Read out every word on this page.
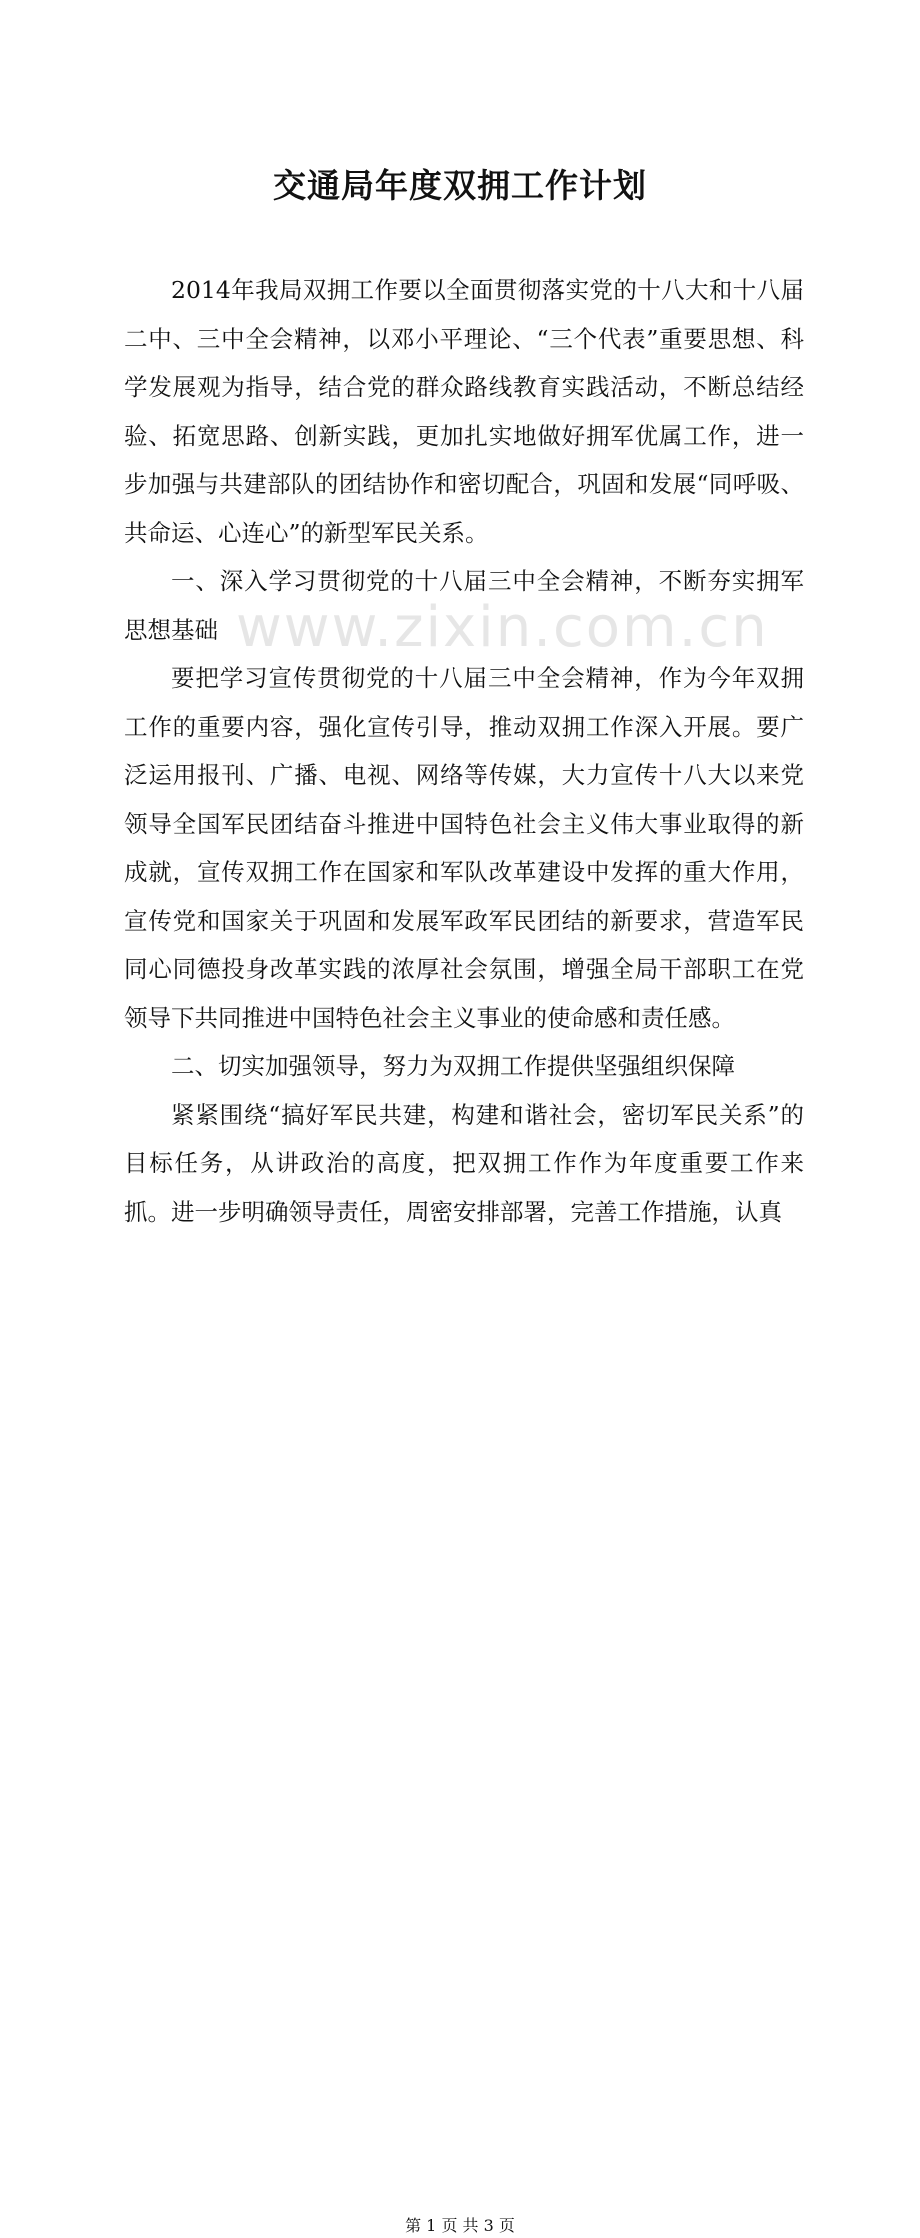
www.zixin.com.cn
交通局年度双拥工作计划

2014年我局双拥工作要以全面贯彻落实党的十八大和十八届二中、三中全会精神，以邓小平理论、“三个代表”重要思想、科学发展观为指导，结合党的群众路线教育实践活动，不断总结经验、拓宽思路、创新实践，更加扎实地做好拥军优属工作，进一步加强与共建部队的团结协作和密切配合，巩固和发展“同呼吸、共命运、心连心”的新型军民关系。

一、深入学习贯彻党的十八届三中全会精神，不断夯实拥军思想基础

要把学习宣传贯彻党的十八届三中全会精神，作为今年双拥工作的重要内容，强化宣传引导，推动双拥工作深入开展。要广泛运用报刊、广播、电视、网络等传媒，大力宣传十八大以来党领导全国军民团结奋斗推进中国特色社会主义伟大事业取得的新成就，宣传双拥工作在国家和军队改革建设中发挥的重大作用，宣传党和国家关于巩固和发展军政军民团结的新要求，营造军民同心同德投身改革实践的浓厚社会氛围，增强全局干部职工在党领导下共同推进中国特色社会主义事业的使命感和责任感。

二、切实加强领导，努力为双拥工作提供坚强组织保障

紧紧围绕“搞好军民共建，构建和谐社会，密切军民关系”的目标任务，从讲政治的高度，把双拥工作作为年度重要工作来抓。进一步明确领导责任，周密安排部署，完善工作措施，认真

第 1 页 共 3 页
